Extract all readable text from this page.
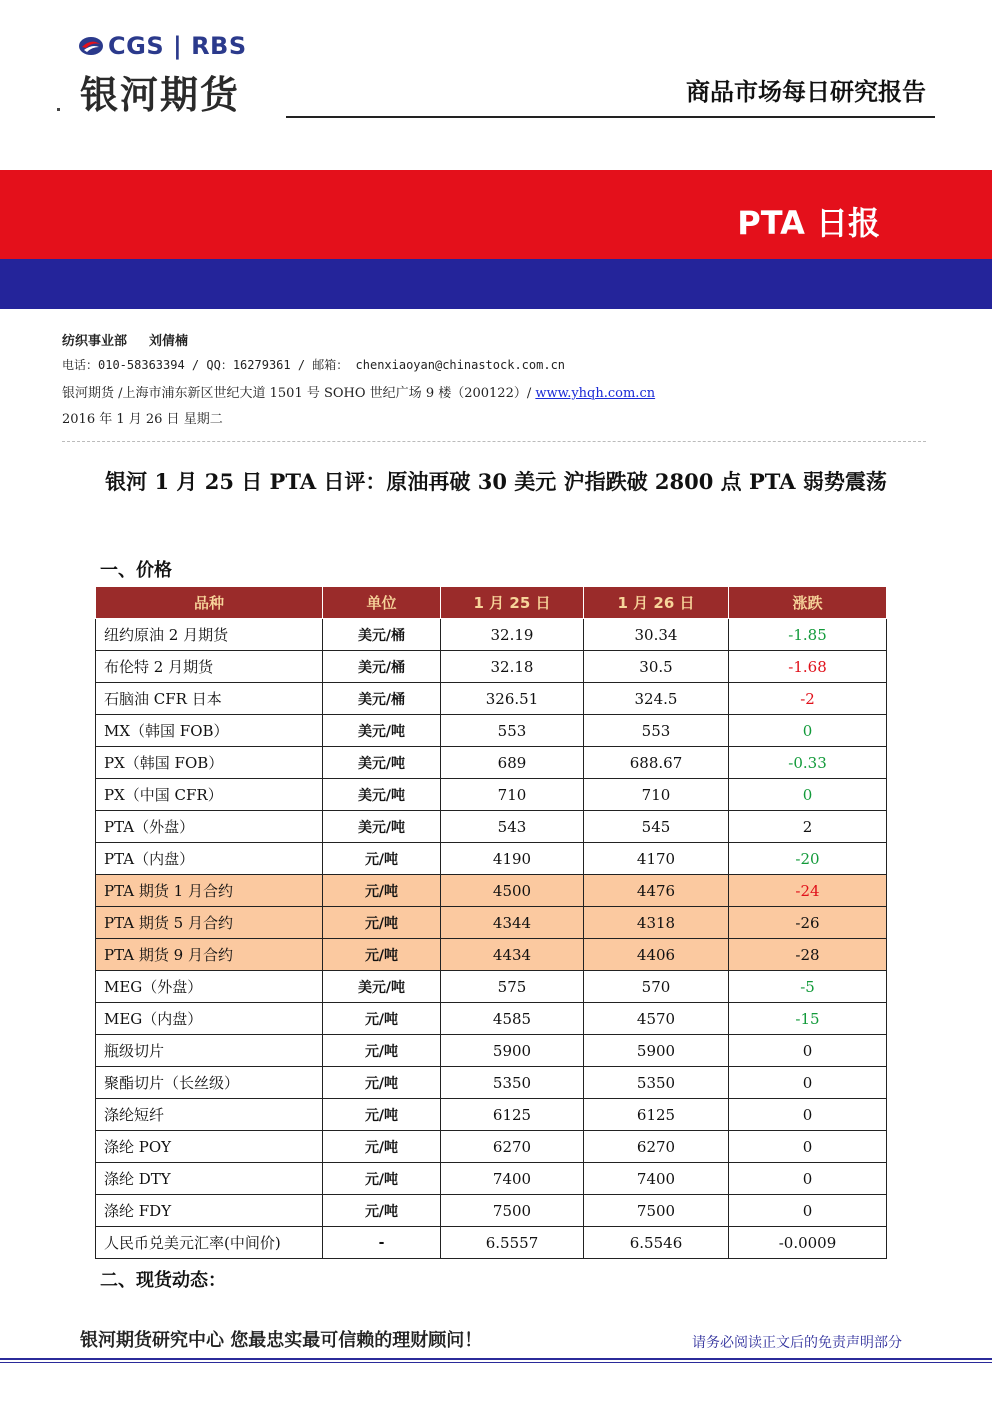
CGS | RBS
银河期货	商品市场每日研究报告
PTA 日报
纺织事业部 刘倩楠
电话：010-58363394 / QQ：16279361 / 邮箱： chenxiaoyan@chinastock.com.cn
银河期货 /上海市浦东新区世纪大道 1501 号 SOHO 世纪广场 9 楼（200122）/ www.yhqh.com.cn
2016 年 1 月 26 日 星期二
银河 1 月 25 日 PTA 日评：原油再破 30 美元 沪指跌破 2800 点 PTA 弱势震荡
一、价格
品种	单位	1 月 25 日	1 月 26 日	涨跌
纽约原油 2 月期货	美元/桶	32.19	30.34	-1.85
布伦特 2 月期货	美元/桶	32.18	30.5	-1.68
石脑油 CFR 日本	美元/桶	326.51	324.5	-2
MX（韩国 FOB）	美元/吨	553	553	0
PX（韩国 FOB）	美元/吨	689	688.67	-0.33
PX（中国 CFR）	美元/吨	710	710	0
PTA（外盘）	美元/吨	543	545	2
PTA（内盘）	元/吨	4190	4170	-20
PTA 期货 1 月合约	元/吨	4500	4476	-24
PTA 期货 5 月合约	元/吨	4344	4318	-26
PTA 期货 9 月合约	元/吨	4434	4406	-28
MEG（外盘）	美元/吨	575	570	-5
MEG（内盘）	元/吨	4585	4570	-15
瓶级切片	元/吨	5900	5900	0
聚酯切片（长丝级）	元/吨	5350	5350	0
涤纶短纤	元/吨	6125	6125	0
涤纶 POY	元/吨	6270	6270	0
涤纶 DTY	元/吨	7400	7400	0
涤纶 FDY	元/吨	7500	7500	0
人民币兑美元汇率(中间价)	-	6.5557	6.5546	-0.0009
二、现货动态：
银河期货研究中心 您最忠实最可信赖的理财顾问！	请务必阅读正文后的免责声明部分
